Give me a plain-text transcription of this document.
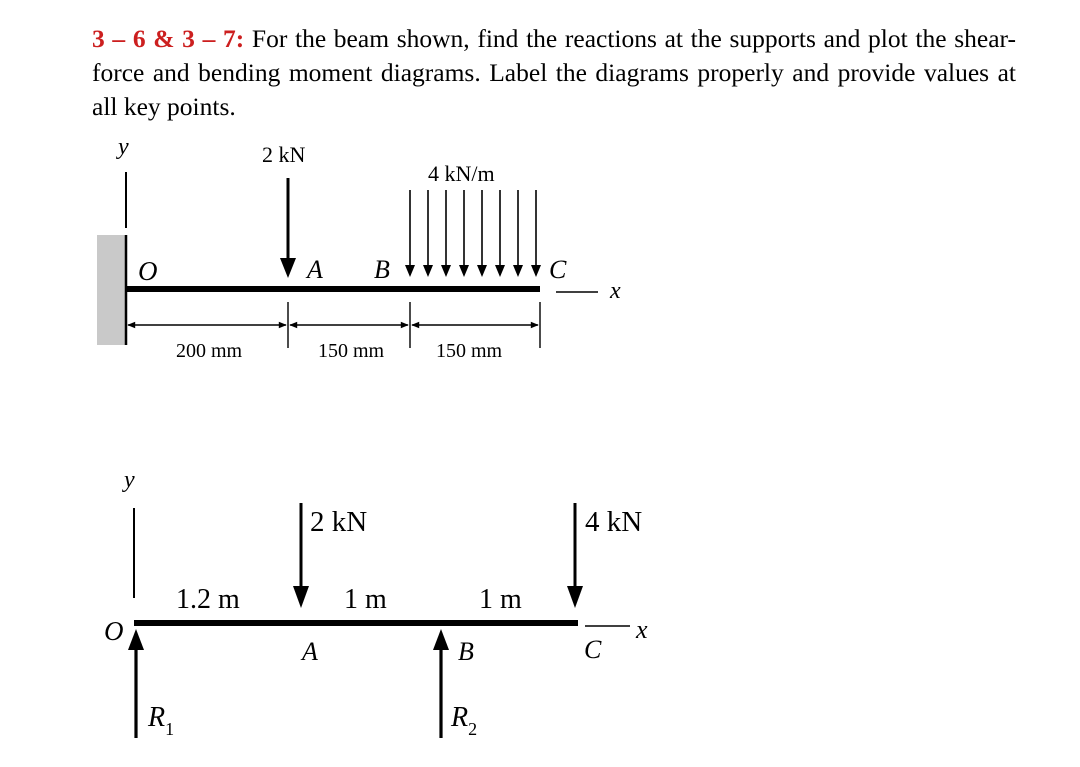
3 – 6 & 3 – 7: For the beam shown, find the reactions at the supports and plot the shear-force and bending moment diagrams. Label the diagrams properly and provide values at all key points.

y
x
O	A B	C
2 kN
4 kN/m
200 mm	150 mm	150 mm
y
x
O
A	B	C
2 kN	4 kN
1.2 m	1 m	1 m
$R_1$	$R_2$
